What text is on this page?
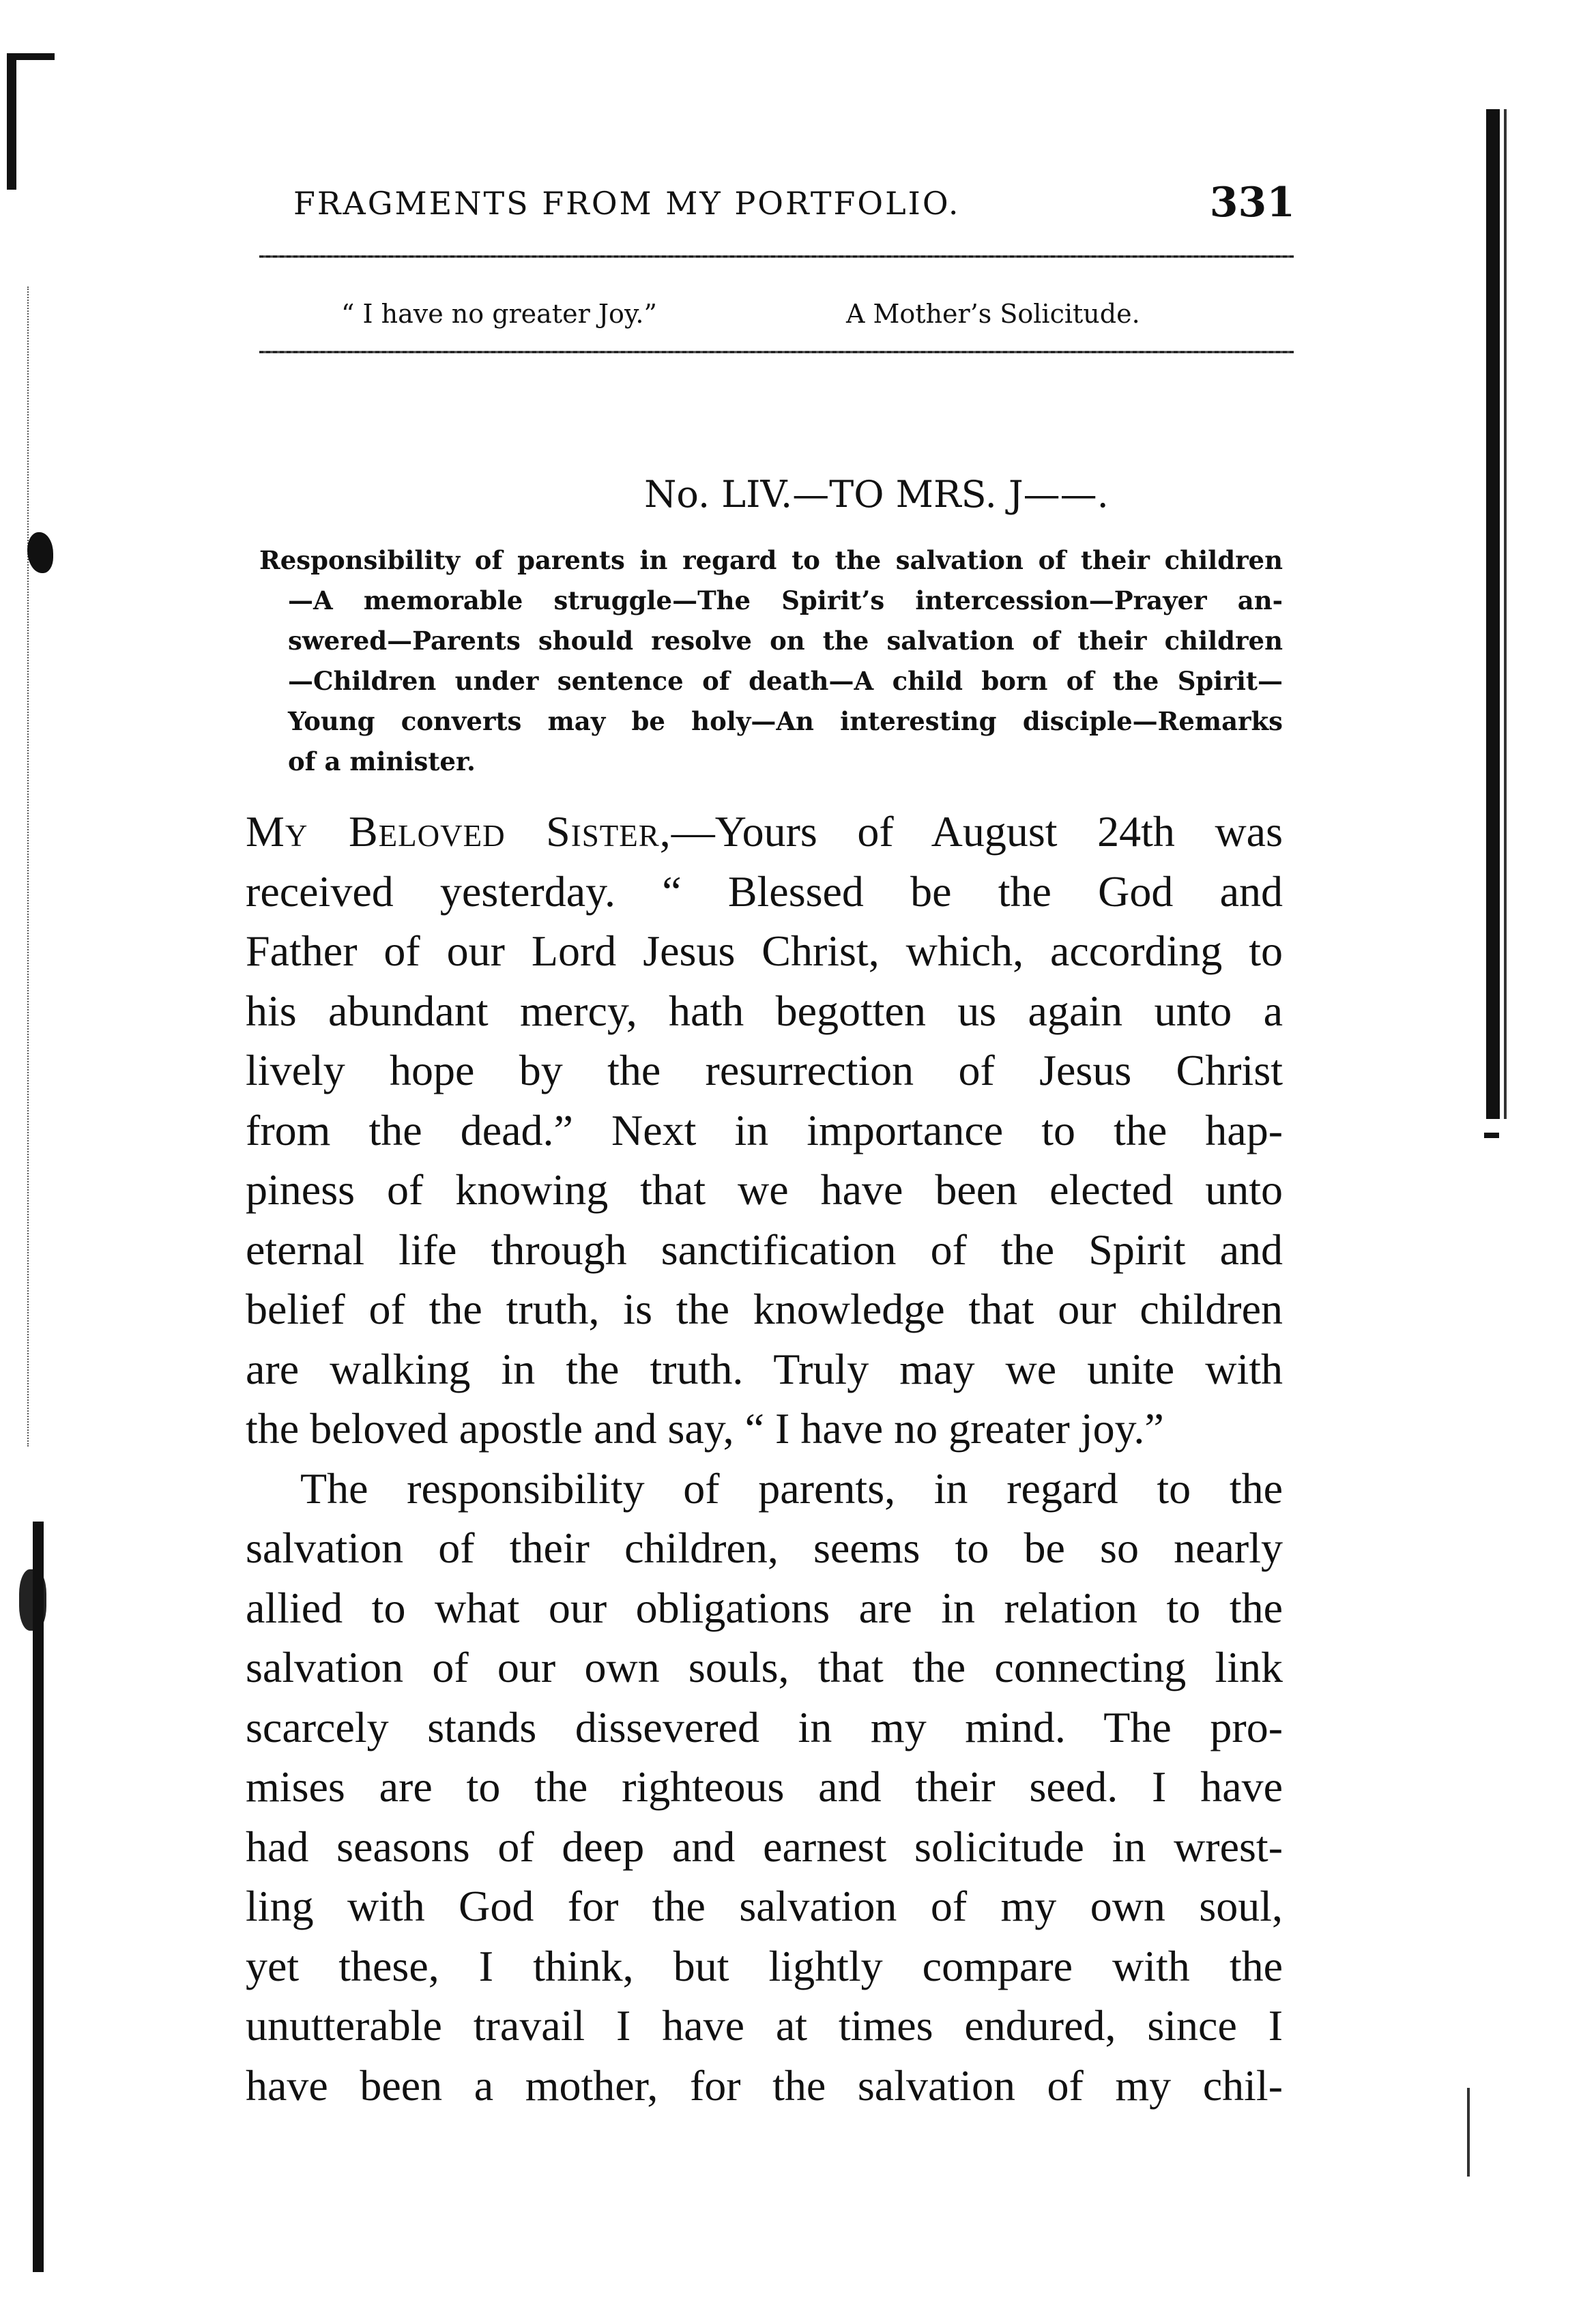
FRAGMENTS FROM MY PORTFOLIO.	331
“ I have no greater Joy.”	A Mother’s Solicitude.
No. LIV.—TO MRS. J——.
Responsibility of parents in regard to the salvation of their children
—A memorable struggle—The Spirit’s intercession—Prayer an-
swered—Parents should resolve on the salvation of their children
—Children under sentence of death—A child born of the Spirit—
Young converts may be holy—An interesting disciple—Remarks
of a minister.
My Beloved Sister,—Yours of August 24th was
received yesterday. “ Blessed be the God and
Father of our Lord Jesus Christ, which, according to
his abundant mercy, hath begotten us again unto a
lively hope by the resurrection of Jesus Christ
from the dead.” Next in importance to the hap-
piness of knowing that we have been elected unto
eternal life through sanctification of the Spirit and
belief of the truth, is the knowledge that our children
are walking in the truth. Truly may we unite with
the beloved apostle and say, “ I have no greater joy.”
The responsibility of parents, in regard to the
salvation of their children, seems to be so nearly
allied to what our obligations are in relation to the
salvation of our own souls, that the connecting link
scarcely stands dissevered in my mind. The pro-
mises are to the righteous and their seed. I have
had seasons of deep and earnest solicitude in wrest-
ling with God for the salvation of my own soul,
yet these, I think, but lightly compare with the
unutterable travail I have at times endured, since I
have been a mother, for the salvation of my chil-
